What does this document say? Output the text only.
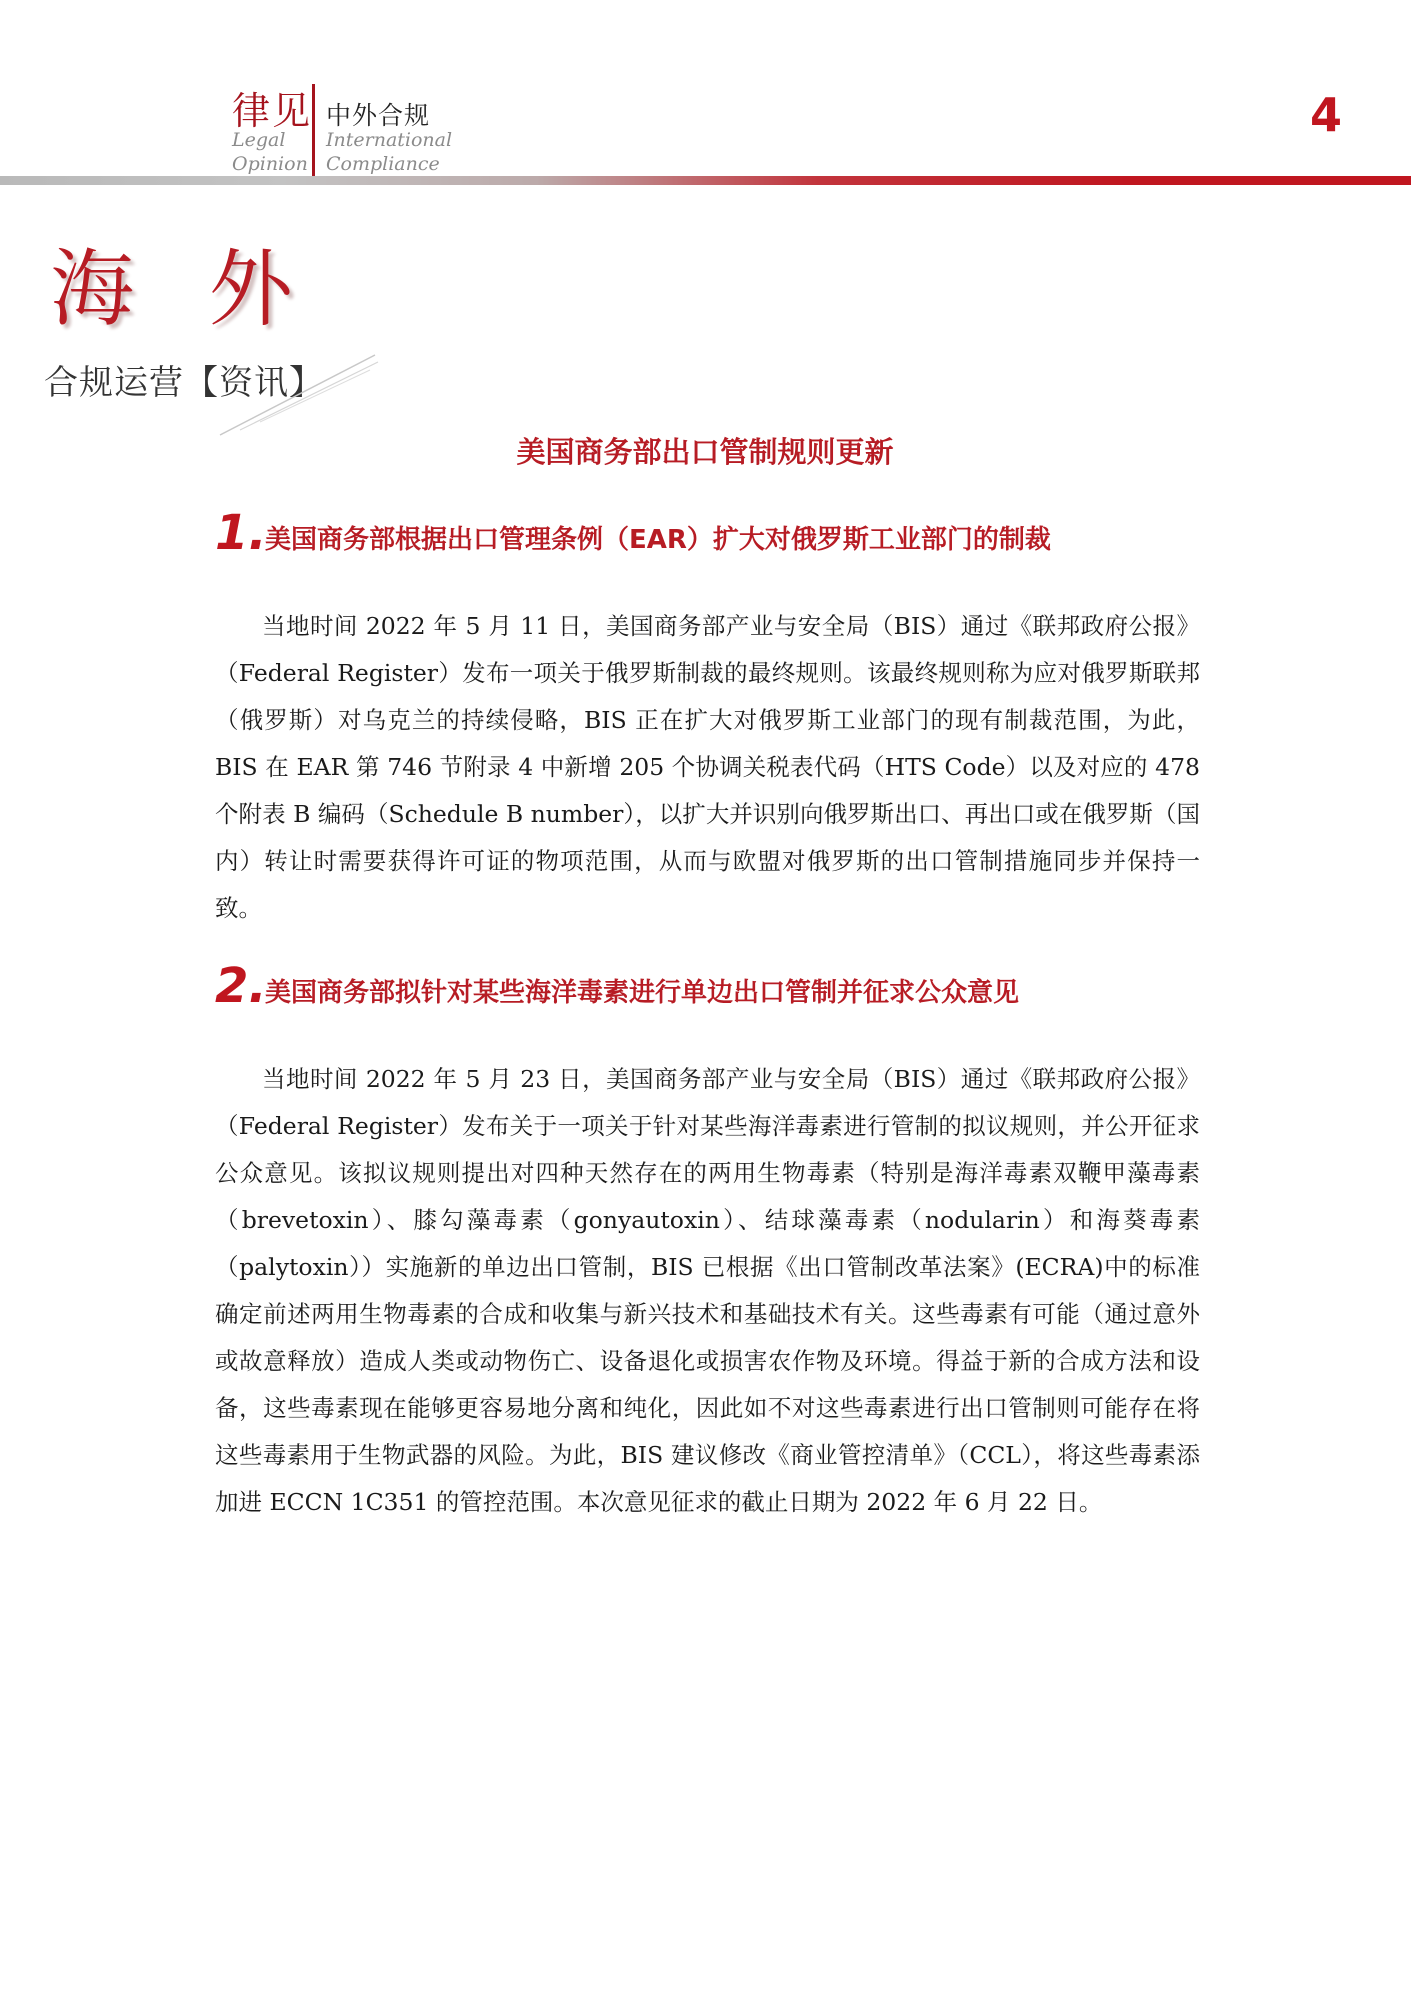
律见
Legal
Opinion
中外合规
International
Compliance
4
海 外
合规运营【资讯】
美国商务部出口管制规则更新
1.
美国商务部根据出口管理条例（EAR）扩大对俄罗斯工业部门的制裁

当地时间 2022 年 5 月 11 日，美国商务部产业与安全局（BIS）通过《联邦政府公报》（Federal Register）发布一项关于俄罗斯制裁的最终规则。该最终规则称为应对俄罗斯联邦（俄罗斯）对乌克兰的持续侵略，BIS 正在扩大对俄罗斯工业部门的现有制裁范围，为此，BIS 在 EAR 第 746 节附录 4 中新增 205 个协调关税表代码（HTS Code）以及对应的 478 个附表 B 编码（Schedule B number），以扩大并识别向俄罗斯出口、再出口或在俄罗斯（国内）转让时需要获得许可证的物项范围，从而与欧盟对俄罗斯的出口管制措施同步并保持一致。

2.
美国商务部拟针对某些海洋毒素进行单边出口管制并征求公众意见

当地时间 2022 年 5 月 23 日，美国商务部产业与安全局（BIS）通过《联邦政府公报》（Federal Register）发布关于一项关于针对某些海洋毒素进行管制的拟议规则，并公开征求公众意见。该拟议规则提出对四种天然存在的两用生物毒素（特别是海洋毒素双鞭甲藻毒素（brevetoxin）、膝勾藻毒素（gonyautoxin）、结球藻毒素（nodularin）和海葵毒素（palytoxin））实施新的单边出口管制，BIS 已根据《出口管制改革法案》(ECRA)中的标准确定前述两用生物毒素的合成和收集与新兴技术和基础技术有关。这些毒素有可能（通过意外或故意释放）造成人类或动物伤亡、设备退化或损害农作物及环境。得益于新的合成方法和设备，这些毒素现在能够更容易地分离和纯化，因此如不对这些毒素进行出口管制则可能存在将这些毒素用于生物武器的风险。为此，BIS 建议修改《商业管控清单》（CCL），将这些毒素添加进 ECCN 1C351 的管控范围。本次意见征求的截止日期为 2022 年 6 月 22 日。
